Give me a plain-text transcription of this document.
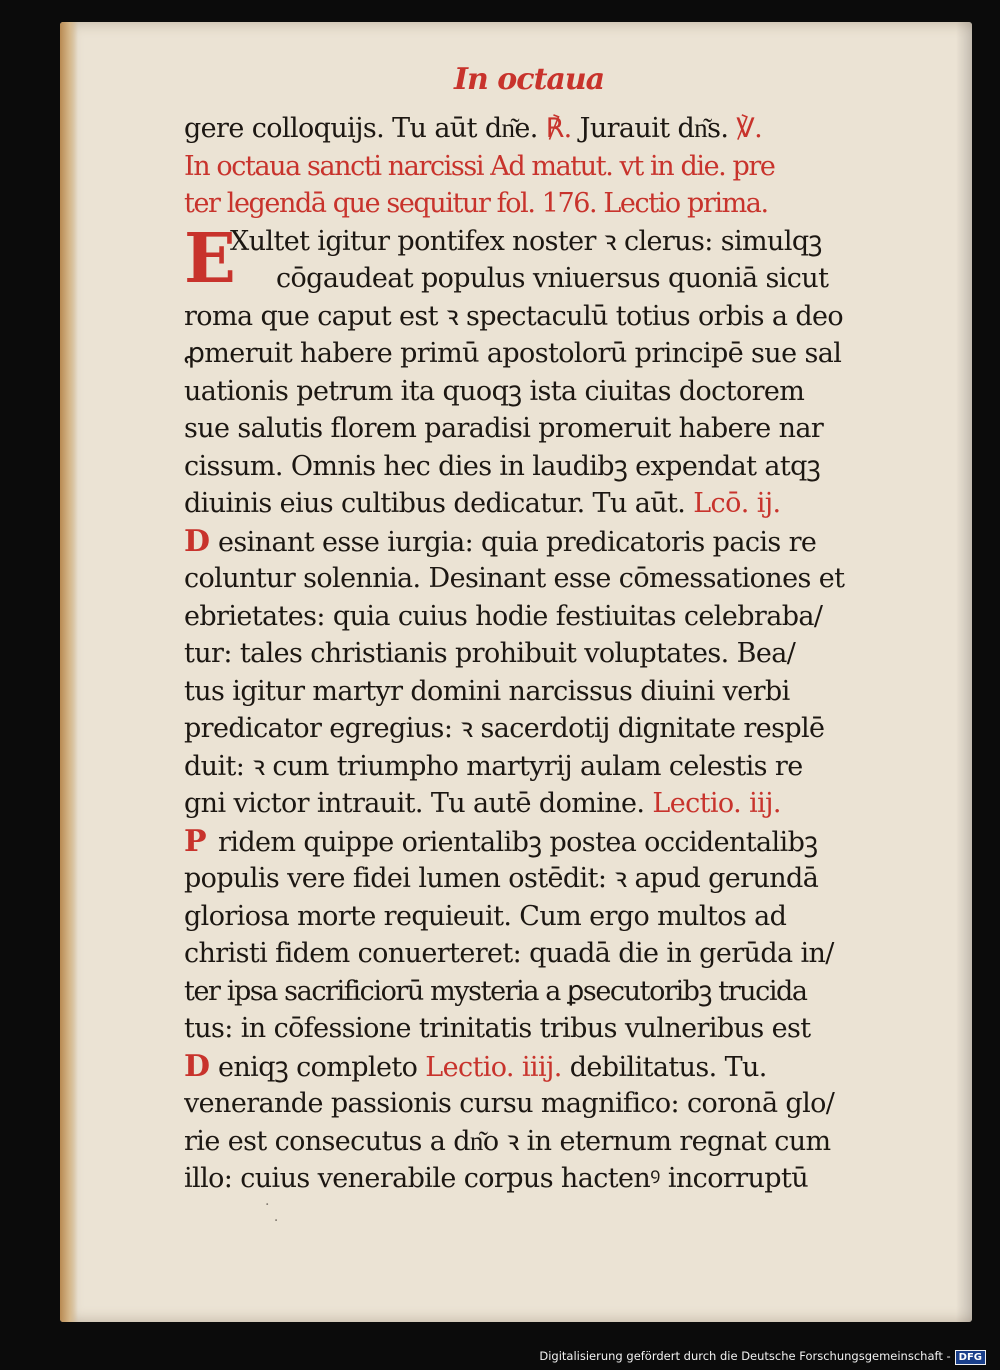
In octaua
gere colloquijs. Tu aūt dn͂e. ℟. Jurauit dn͂s. ℣.
In octaua sancti narcissi Ad matut. vt in die. pre
ter legendā que sequitur fol. 176. Lectio prima.
E
Xultet igitur pontifex noster ꝛ clerus: simulqꝫ
cōgaudeat populus vniuersus quoniā sicut
roma que caput est ꝛ spectaculū totius orbis a deo
ꝓmeruit habere primū apostolorū principē sue sal
uationis petrum ita quoqꝫ ista ciuitas doctorem
sue salutis florem paradisi promeruit habere nar
cissum. Omnis hec dies in laudibꝫ expendat atqꝫ
diuinis eius cultibus dedicatur. Tu aūt. Lcō. ij.
D esinant esse iurgia: quia predicatoris pacis re
coluntur solennia. Desinant esse cōmessationes et
ebrietates: quia cuius hodie festiuitas celebraba/
tur: tales christianis prohibuit voluptates. Bea/
tus igitur martyr domini narcissus diuini verbi
predicator egregius: ꝛ sacerdotij dignitate resplē
duit: ꝛ cum triumpho martyrij aulam celestis re
gni victor intrauit. Tu autē domine. Lectio. iij.
P ridem quippe orientalibꝫ postea occidentalibꝫ
populis vere fidei lumen ostēdit: ꝛ apud gerundā
gloriosa morte requieuit. Cum ergo multos ad
christi fidem conuerteret: quadā die in gerūda in/
ter ipsa sacrificiorū mysteria a ꝑsecutoribꝫ trucida
tus: in cōfessione trinitatis tribus vulneribus est
D eniqꝫ completo Lectio. iiij. debilitatus. Tu.
venerande passionis cursu magnifico: coronā glo/
rie est consecutus a dn͂o ꝛ in eternum regnat cum
illo: cuius venerabile corpus hactenꝰ incorruptū
·
·
Digitalisierung gefördert durch die Deutsche Forschungsgemeinschaft - DFG
